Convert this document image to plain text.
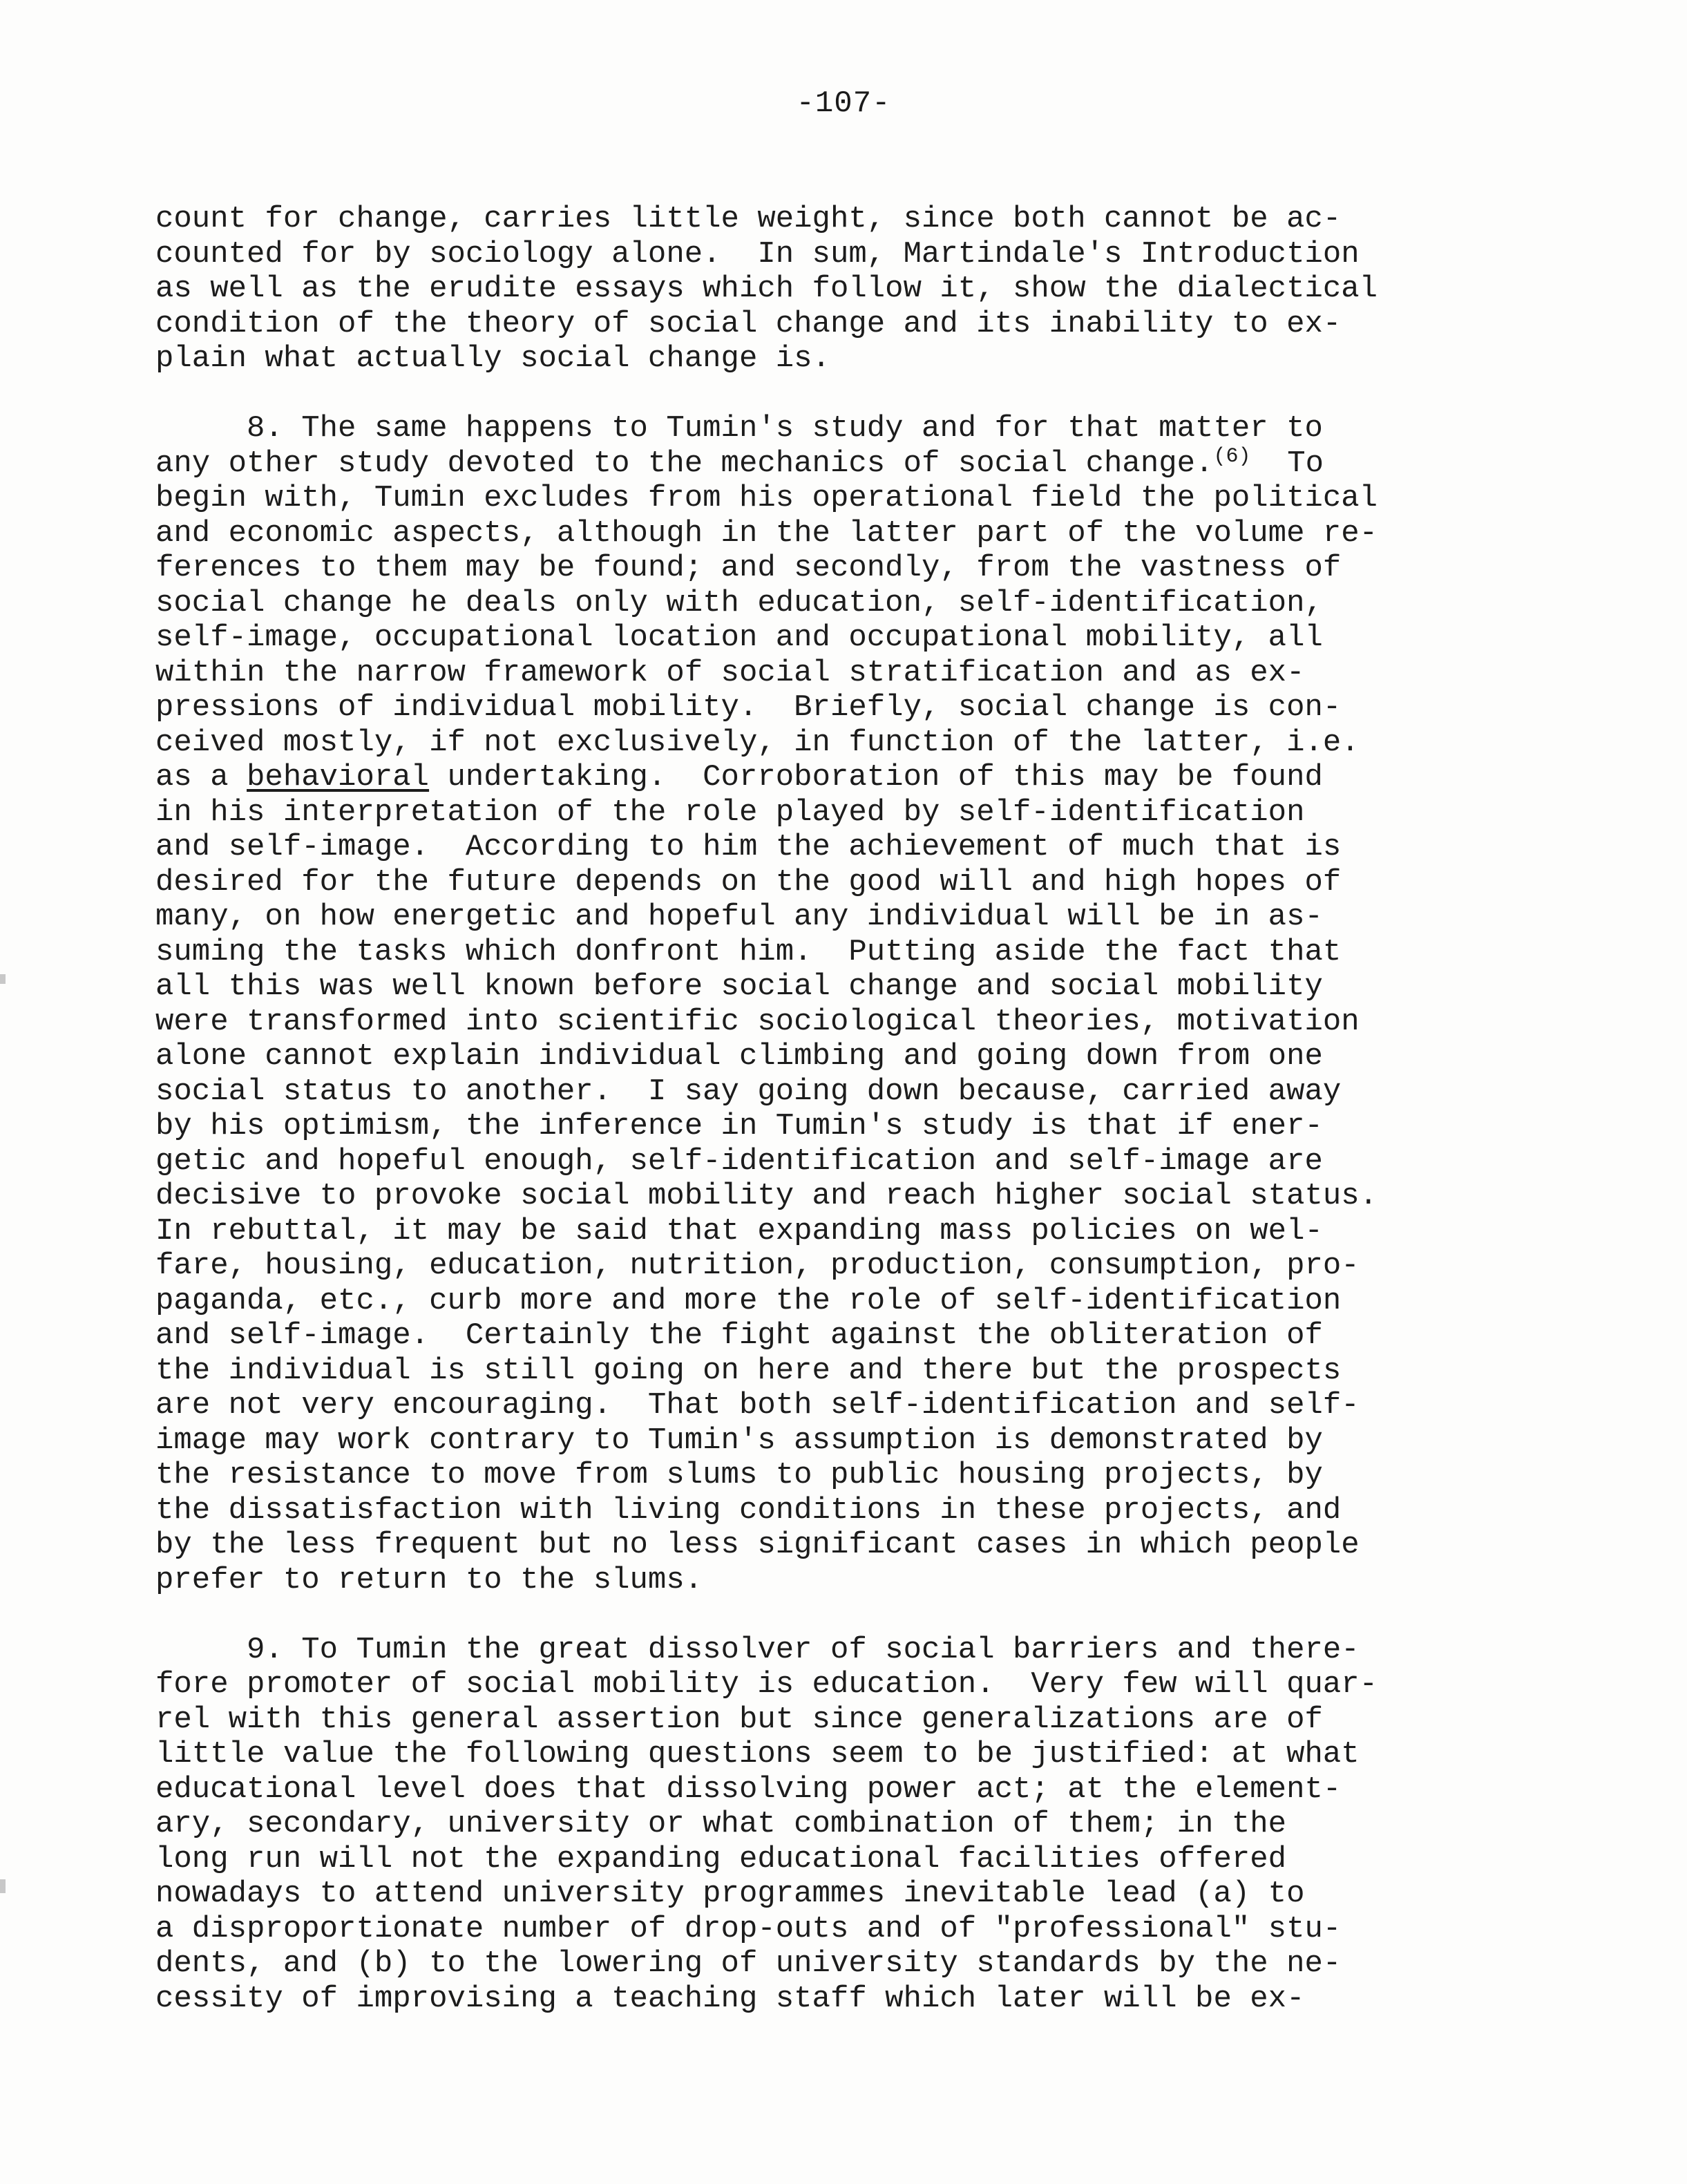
-107-
count for change, carries little weight, since both cannot be ac-
counted for by sociology alone.  In sum, Martindale's Introduction
as well as the erudite essays which follow it, show the dialectical
condition of the theory of social change and its inability to ex-
plain what actually social change is.
8. The same happens to Tumin's study and for that matter to
any other study devoted to the mechanics of social change.$^{(6)}$  To
begin with, Tumin excludes from his operational field the political
and economic aspects, although in the latter part of the volume re-
ferences to them may be found; and secondly, from the vastness of
social change he deals only with education, self-identification,
self-image, occupational location and occupational mobility, all
within the narrow framework of social stratification and as ex-
pressions of individual mobility.  Briefly, social change is con-
ceived mostly, if not exclusively, in function of the latter, i.e.
as a behavioral undertaking.  Corroboration of this may be found
in his interpretation of the role played by self-identification
and self-image.  According to him the achievement of much that is
desired for the future depends on the good will and high hopes of
many, on how energetic and hopeful any individual will be in as-
suming the tasks which donfront him.  Putting aside the fact that
all this was well known before social change and social mobility
were transformed into scientific sociological theories, motivation
alone cannot explain individual climbing and going down from one
social status to another.  I say going down because, carried away
by his optimism, the inference in Tumin's study is that if ener-
getic and hopeful enough, self-identification and self-image are
decisive to provoke social mobility and reach higher social status.
In rebuttal, it may be said that expanding mass policies on wel-
fare, housing, education, nutrition, production, consumption, pro-
paganda, etc., curb more and more the role of self-identification
and self-image.  Certainly the fight against the obliteration of
the individual is still going on here and there but the prospects
are not very encouraging.  That both self-identification and self-
image may work contrary to Tumin's assumption is demonstrated by
the resistance to move from slums to public housing projects, by
the dissatisfaction with living conditions in these projects, and
by the less frequent but no less significant cases in which people
prefer to return to the slums.
9. To Tumin the great dissolver of social barriers and there-
fore promoter of social mobility is education.  Very few will quar-
rel with this general assertion but since generalizations are of
little value the following questions seem to be justified: at what
educational level does that dissolving power act; at the element-
ary, secondary, university or what combination of them; in the
long run will not the expanding educational facilities offered
nowadays to attend university programmes inevitable lead (a) to
a disproportionate number of drop-outs and of "professional" stu-
dents, and (b) to the lowering of university standards by the ne-
cessity of improvising a teaching staff which later will be ex-
